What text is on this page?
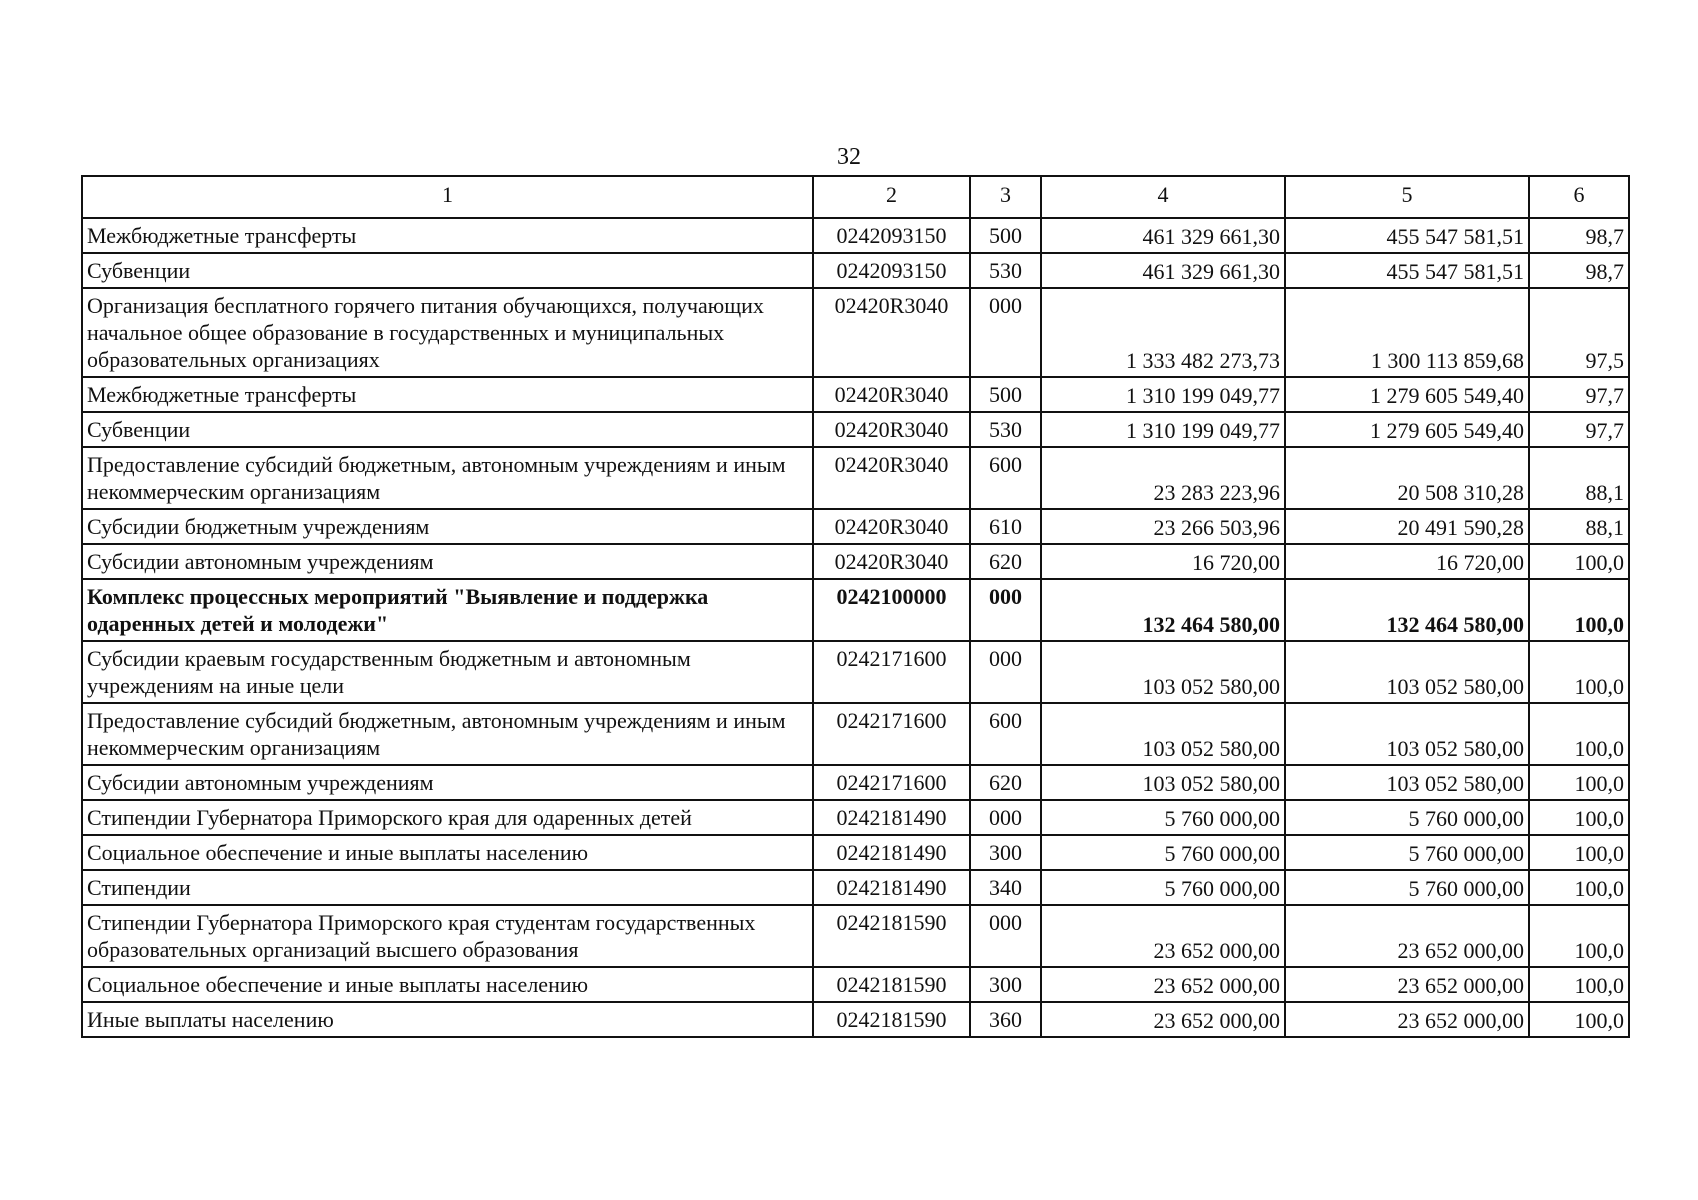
32
1	2	3	4	5	6
Межбюджетные трансферты	0242093150	500	461 329 661,30	455 547 581,51	98,7
Субвенции	0242093150	530	461 329 661,30	455 547 581,51	98,7
Организация бесплатного горячего питания обучающихся, получающих начальное общее образование в государственных и муниципальных образовательных организациях	02420R3040	000	1 333 482 273,73	1 300 113 859,68	97,5
Межбюджетные трансферты	02420R3040	500	1 310 199 049,77	1 279 605 549,40	97,7
Субвенции	02420R3040	530	1 310 199 049,77	1 279 605 549,40	97,7
Предоставление субсидий бюджетным, автономным учреждениям и иным некоммерческим организациям	02420R3040	600	23 283 223,96	20 508 310,28	88,1
Субсидии бюджетным учреждениям	02420R3040	610	23 266 503,96	20 491 590,28	88,1
Субсидии автономным учреждениям	02420R3040	620	16 720,00	16 720,00	100,0
Комплекс процессных мероприятий "Выявление и поддержка одаренных детей и молодежи"	0242100000	000	132 464 580,00	132 464 580,00	100,0
Субсидии краевым государственным бюджетным и автономным учреждениям на иные цели	0242171600	000	103 052 580,00	103 052 580,00	100,0
Предоставление субсидий бюджетным, автономным учреждениям и иным некоммерческим организациям	0242171600	600	103 052 580,00	103 052 580,00	100,0
Субсидии автономным учреждениям	0242171600	620	103 052 580,00	103 052 580,00	100,0
Стипендии Губернатора Приморского края для одаренных детей	0242181490	000	5 760 000,00	5 760 000,00	100,0
Социальное обеспечение и иные выплаты населению	0242181490	300	5 760 000,00	5 760 000,00	100,0
Стипендии	0242181490	340	5 760 000,00	5 760 000,00	100,0
Стипендии Губернатора Приморского края студентам государственных образовательных организаций высшего образования	0242181590	000	23 652 000,00	23 652 000,00	100,0
Социальное обеспечение и иные выплаты населению	0242181590	300	23 652 000,00	23 652 000,00	100,0
Иные выплаты населению	0242181590	360	23 652 000,00	23 652 000,00	100,0
